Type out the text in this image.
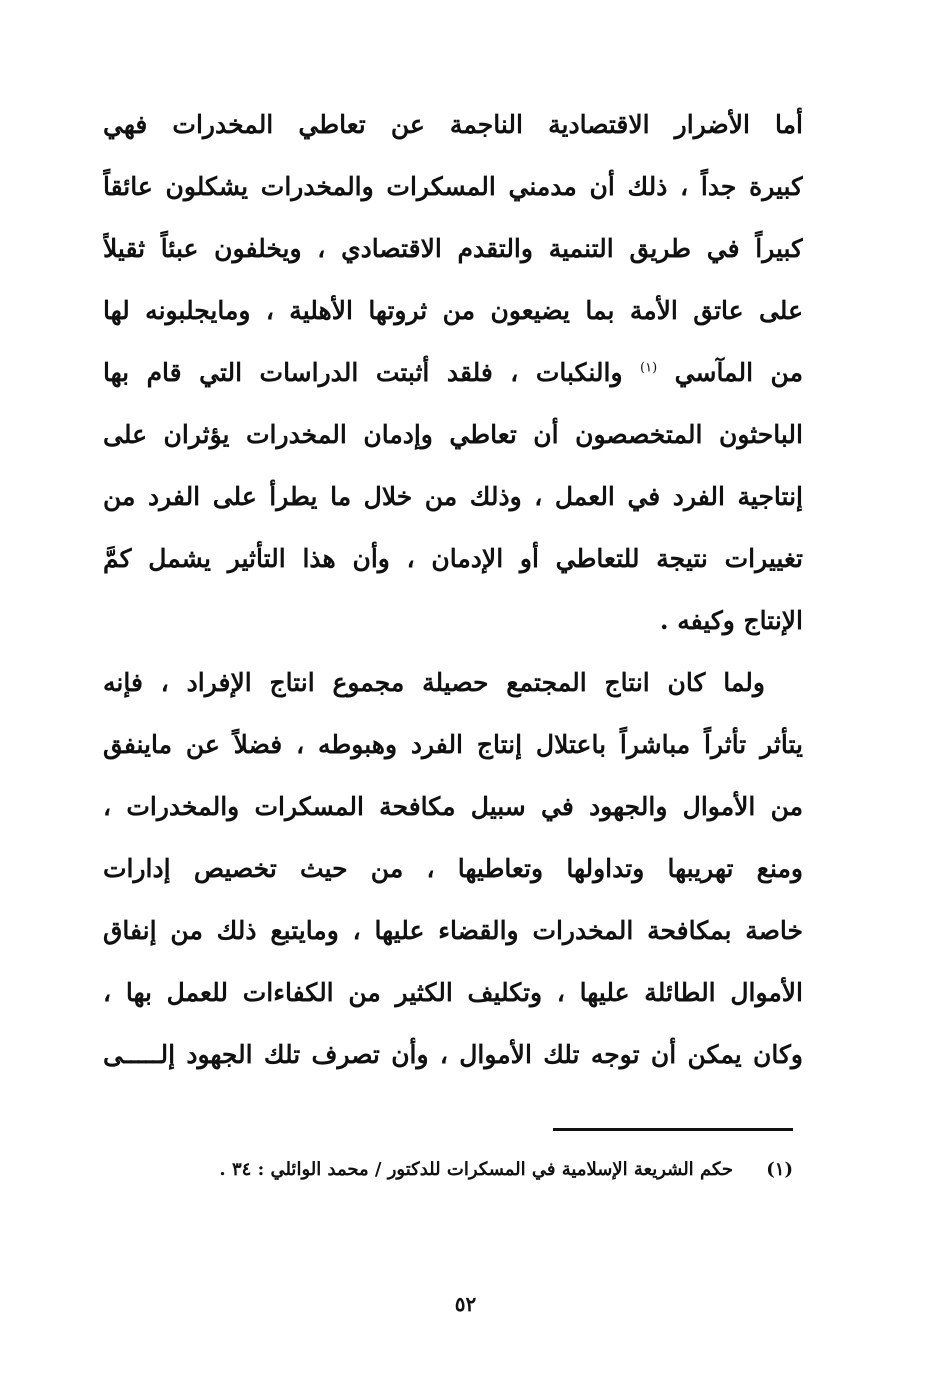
أما الأضرار الاقتصادية الناجمة عن تعاطي المخدرات فهي
كبيرة جداً ، ذلك أن مدمني المسكرات والمخدرات يشكلون عائقاً
كبيراً في طريق التنمية والتقدم الاقتصادي ، ويخلفون عبئاً ثقيلاً
على عاتق الأمة بما يضيعون من ثروتها الأهلية ، ومايجلبونه لها
من المآسي $^{(١)}$ والنكبات ، فلقد أثبتت الدراسات التي قام بها
الباحثون المتخصصون أن تعاطي وإدمان المخدرات يؤثران على
إنتاجية الفرد في العمل ، وذلك من خلال ما يطرأ على الفرد من
تغييرات نتيجة للتعاطي أو الإدمان ، وأن هذا التأثير يشمل كمَّ
الإنتاج وكيفه .
ولما كان انتاج المجتمع حصيلة مجموع انتاج الإفراد ، فإنه
يتأثر تأثراً مباشراً باعتلال إنتاج الفرد وهبوطه ، فضلاً عن ماينفق
من الأموال والجهود في سبيل مكافحة المسكرات والمخدرات ،
ومنع تهريبها وتداولها وتعاطيها ، من حيث تخصيص إدارات
خاصة بمكافحة المخدرات والقضاء عليها ، ومايتبع ذلك من إنفاق
الأموال الطائلة عليها ، وتكليف الكثير من الكفاءات للعمل بها ،
وكان يمكن أن توجه تلك الأموال ، وأن تصرف تلك الجهود إلـــــى
(١)حكم الشريعة الإسلامية في المسكرات للدكتور / محمد الوائلي : ٣٤ .
٥٢
